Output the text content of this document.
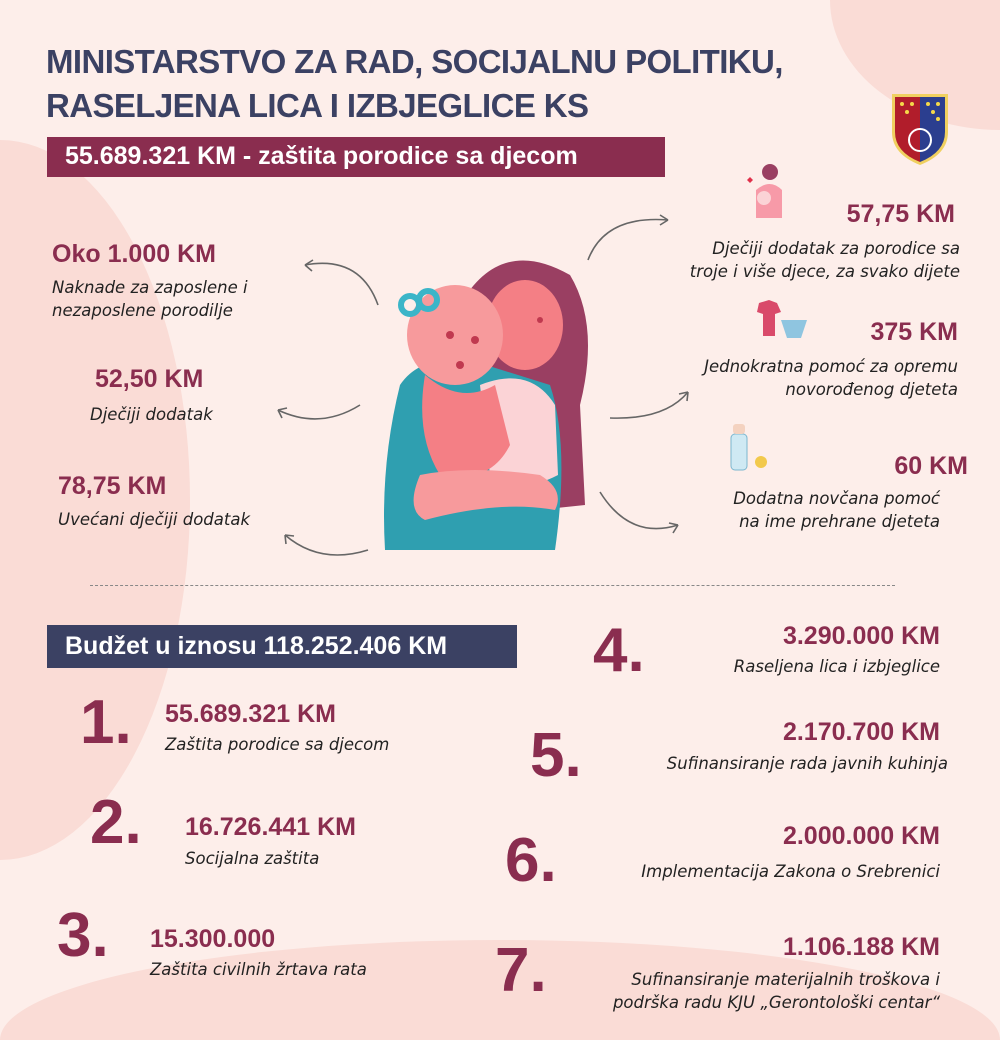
MINISTARSTVO ZA RAD, SOCIJALNU POLITIKU,
RASELJENA LICA I IZBJEGLICE KS
55.689.321 KM - zaštita porodice sa djecom
Oko 1.000 KM
Naknade za zaposlene i
nezaposlene porodilje
52,50 KM
Dječiji dodatak
78,75 KM
Uvećani dječiji dodatak
57,75 KM
Dječiji dodatak za porodice sa
troje i više djece, za svako dijete
375 KM
Jednokratna pomoć za opremu
novorođenog djeteta
60 KM
Dodatna novčana pomoć
na ime prehrane djeteta
Budžet u iznosu 118.252.406 KM
1. 55.689.321 KM
Zaštita porodice sa djecom
2. 16.726.441 KM
Socijalna zaštita
3. 15.300.000
Zaštita civilnih žrtava rata
4.	3.290.000 KM
Raseljena lica i izbjeglice
5.	2.170.700 KM
Sufinansiranje rada javnih kuhinja
6.	2.000.000 KM
Implementacija Zakona o Srebrenici
7.	1.106.188 KM
Sufinansiranje materijalnih troškova i
podrška radu KJU „Gerontološki centar“
